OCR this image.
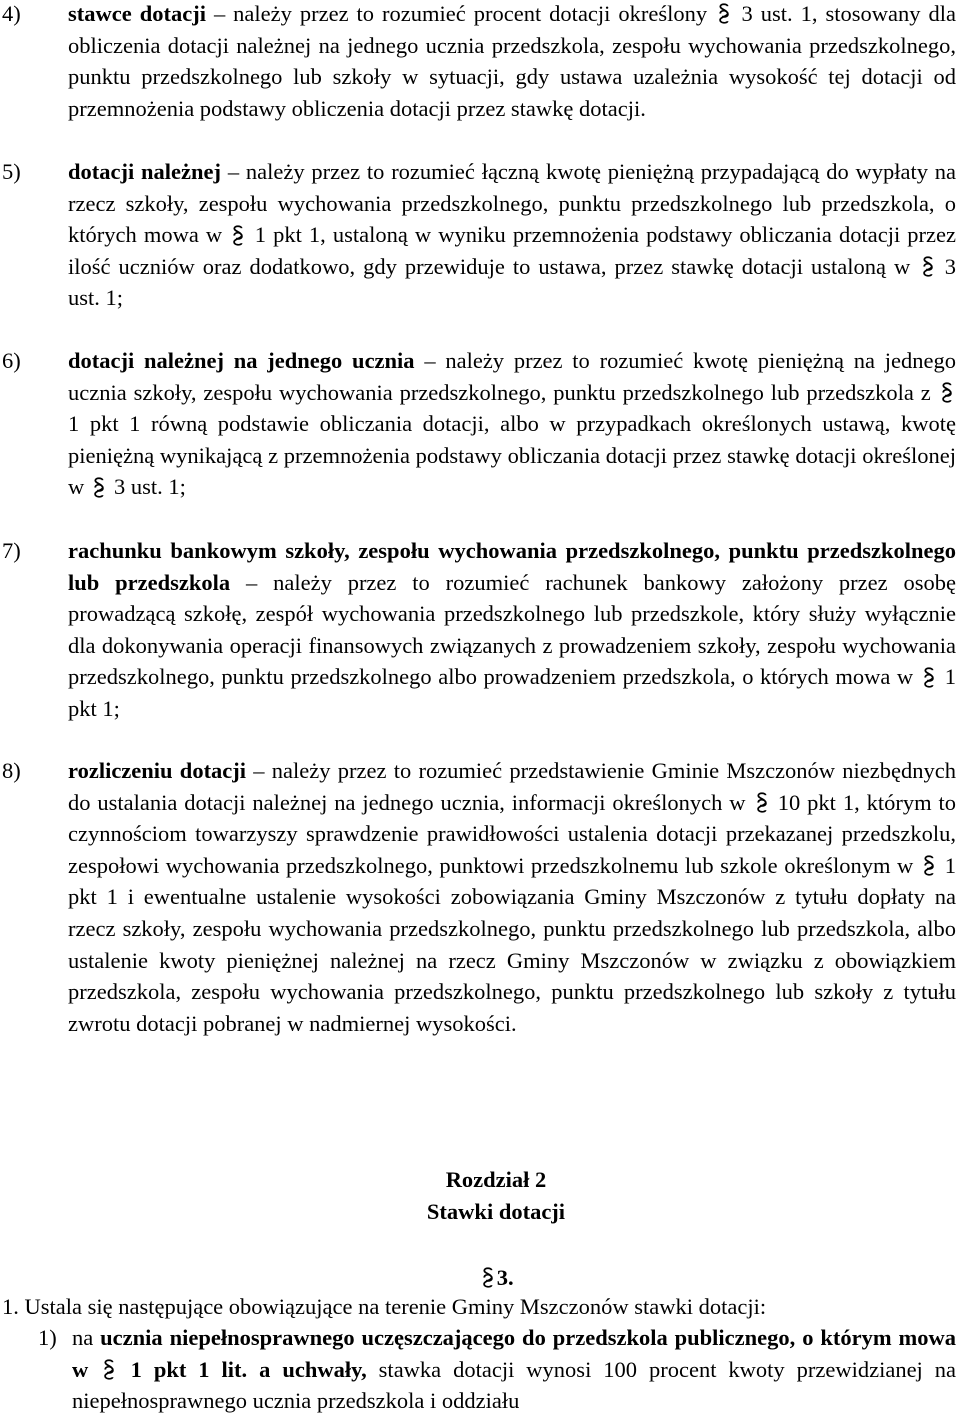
4) stawce dotacji – należy przez to rozumieć procent dotacji określony
3 ust. 1, stosowany dla obliczenia dotacji należnej na jednego ucznia przedszkola, zespołu wychowania przedszkolnego, punktu przedszkolnego lub szkoły w sytuacji, gdy ustawa uzależnia wysokość tej dotacji od przemnożenia podstawy obliczenia dotacji przez stawkę dotacji.
5) dotacji należnej – należy przez to rozumieć łączną kwotę pieniężną przypadającą do wypłaty na rzecz szkoły, zespołu wychowania przedszkolnego, punktu przedszkolnego lub przedszkola, o których mowa w
1 pkt 1, ustaloną w wyniku przemnożenia podstawy obliczania dotacji przez ilość uczniów oraz dodatkowo, gdy przewiduje to ustawa, przez stawkę dotacji ustaloną w
3 ust. 1;
6) dotacji należnej na jednego ucznia – należy przez to rozumieć kwotę pieniężną na jednego ucznia szkoły, zespołu wychowania przedszkolnego, punktu przedszkolnego lub przedszkola z
1 pkt 1 równą podstawie obliczania dotacji, albo w przypadkach określonych ustawą, kwotę pieniężną wynikającą z przemnożenia podstawy obliczania dotacji przez stawkę dotacji określonej w
3 ust. 1;
7) rachunku bankowym szkoły, zespołu wychowania przedszkolnego, punktu przedszkolnego lub przedszkola – należy przez to rozumieć rachunek bankowy założony przez osobę prowadzącą szkołę, zespół wychowania przedszkolnego lub przedszkole, który służy wyłącznie dla dokonywania operacji finansowych związanych z prowadzeniem szkoły, zespołu wychowania przedszkolnego, punktu przedszkolnego albo prowadzeniem przedszkola, o których mowa w
1 pkt 1;
8) rozliczeniu dotacji – należy przez to rozumieć przedstawienie Gminie Mszczonów niezbędnych do ustalania dotacji należnej na jednego ucznia, informacji określonych w
10 pkt 1, którym to czynnościom towarzyszy sprawdzenie prawidłowości ustalenia dotacji przekazanej przedszkolu, zespołowi wychowania przedszkolnego, punktowi przedszkolnemu lub szkole określonym w
1 pkt 1 i ewentualne ustalenie wysokości zobowiązania Gminy Mszczonów z tytułu dopłaty na rzecz szkoły, zespołu wychowania przedszkolnego, punktu przedszkolnego lub przedszkola, albo ustalenie kwoty pieniężnej należnej na rzecz Gminy Mszczonów w związku z obowiązkiem przedszkola, zespołu wychowania przedszkolnego, punktu przedszkolnego lub szkoły z tytułu zwrotu dotacji pobranej w nadmiernej wysokości.
Rozdział 2
Stawki dotacji
3.
1. Ustala się następujące obowiązujące na terenie Gminy Mszczonów stawki dotacji:
1) na ucznia niepełnosprawnego uczęszczającego do przedszkola publicznego, o którym mowa w
1 pkt 1 lit. a uchwały, stawka dotacji wynosi 100 procent kwoty przewidzianej na niepełnosprawnego ucznia przedszkola i oddziału
